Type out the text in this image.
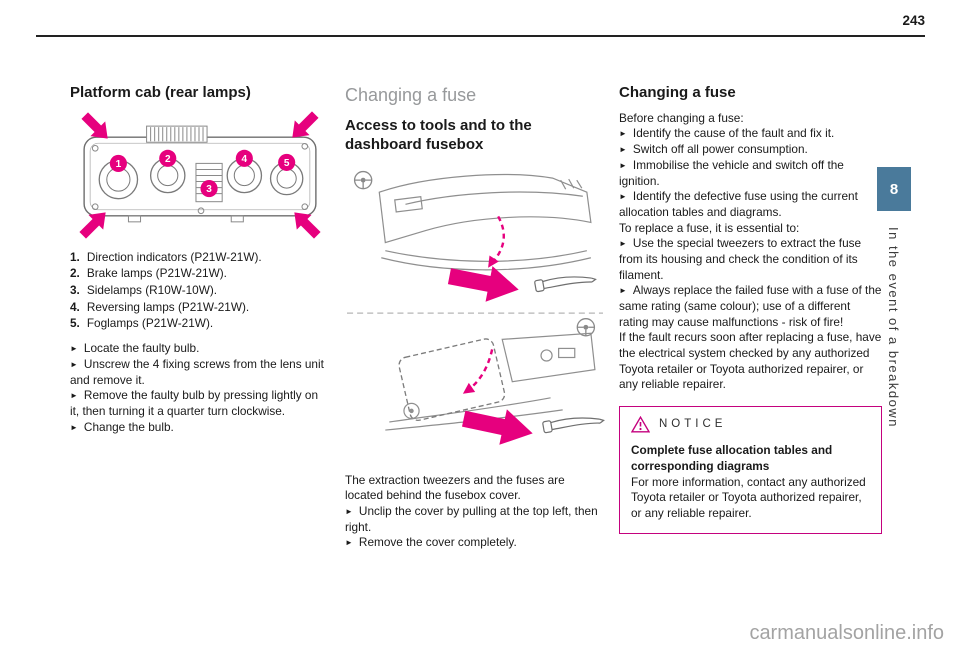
243
Platform cab (rear lamps)
1	2
3
4	5
1. Direction indicators (P21W-21W).
2. Brake lamps (P21W-21W).
3. Sidelamps (R10W-10W).
4. Reversing lamps (P21W-21W).
5. Foglamps (P21W-21W).

► Locate the faulty bulb.

► Unscrew the 4 fixing screws from the lens unit and remove it.

► Remove the faulty bulb by pressing lightly on it, then turning it a quarter turn clockwise.

► Change the bulb.

Changing a fuse
Access to tools and to the dashboard fusebox

The extraction tweezers and the fuses are located behind the fusebox cover.

► Unclip the cover by pulling at the top left, then right.

► Remove the cover completely.

Changing a fuse

Before changing a fuse:

► Identify the cause of the fault and fix it.

► Switch off all power consumption.

► Immobilise the vehicle and switch off the ignition.

► Identify the defective fuse using the current allocation tables and diagrams.

To replace a fuse, it is essential to:

► Use the special tweezers to extract the fuse from its housing and check the condition of its filament.

► Always replace the failed fuse with a fuse of the same rating (same colour); use of a different rating may cause malfunctions - risk of fire!

If the fault recurs soon after replacing a fuse, have the electrical system checked by any authorized Toyota retailer or Toyota authorized repairer, or any reliable repairer.

NOTICE

Complete fuse allocation tables and corresponding diagrams

For more information, contact any authorized Toyota retailer or Toyota authorized repairer, or any reliable repairer.

8
In the event of a breakdown
carmanualsonline.info
